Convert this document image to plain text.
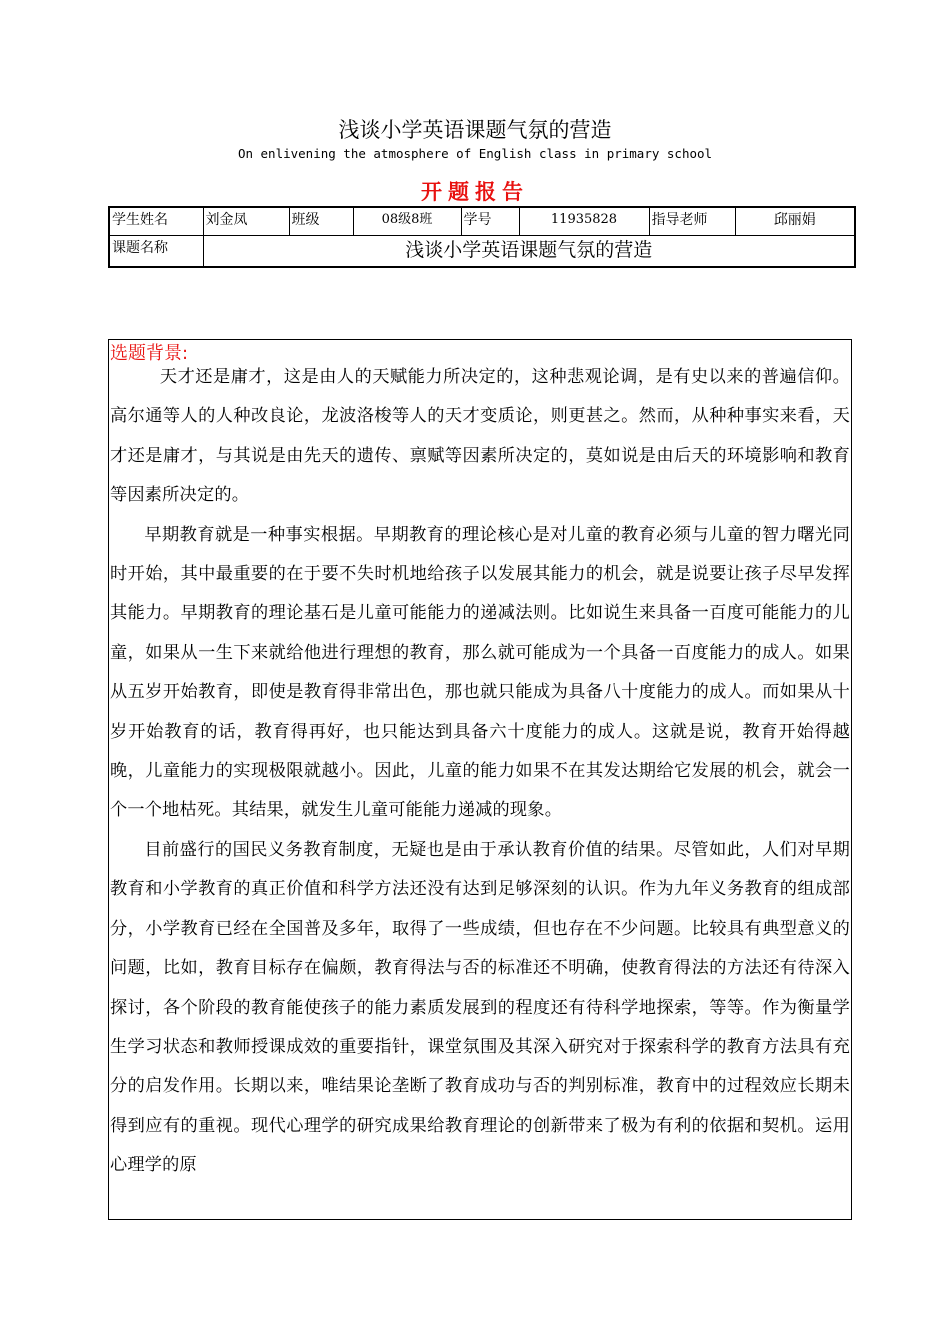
浅谈小学英语课题气氛的营造
On enlivening the atmosphere of English class in primary school
开题报告
学生姓名	刘金凤	班级	08级8班	学号	11935828	指导老师	邱丽娟
课题名称	浅谈小学英语课题气氛的营造						
选题背景:

天才还是庸才，这是由人的天赋能力所决定的，这种悲观论调，是有史以来的普遍信仰。高尔通等人的人种改良论，龙波洛梭等人的天才变质论，则更甚之。然而，从种种事实来看，天才还是庸才，与其说是由先天的遗传、禀赋等因素所决定的，莫如说是由后天的环境影响和教育等因素所决定的。

早期教育就是一种事实根据。早期教育的理论核心是对儿童的教育必须与儿童的智力曙光同时开始，其中最重要的在于要不失时机地给孩子以发展其能力的机会，就是说要让孩子尽早发挥其能力。早期教育的理论基石是儿童可能能力的递减法则。比如说生来具备一百度可能能力的儿童，如果从一生下来就给他进行理想的教育，那么就可能成为一个具备一百度能力的成人。如果从五岁开始教育，即使是教育得非常出色，那也就只能成为具备八十度能力的成人。而如果从十岁开始教育的话，教育得再好，也只能达到具备六十度能力的成人。这就是说，教育开始得越晚，儿童能力的实现极限就越小。因此，儿童的能力如果不在其发达期给它发展的机会，就会一个一个地枯死。其结果，就发生儿童可能能力递减的现象。

目前盛行的国民义务教育制度，无疑也是由于承认教育价值的结果。尽管如此，人们对早期教育和小学教育的真正价值和科学方法还没有达到足够深刻的认识。作为九年义务教育的组成部分，小学教育已经在全国普及多年，取得了一些成绩，但也存在不少问题。比较具有典型意义的问题，比如，教育目标存在偏颇，教育得法与否的标准还不明确，使教育得法的方法还有待深入探讨，各个阶段的教育能使孩子的能力素质发展到的程度还有待科学地探索，等等。作为衡量学生学习状态和教师授课成效的重要指针，课堂氛围及其深入研究对于探索科学的教育方法具有充分的启发作用。长期以来，唯结果论垄断了教育成功与否的判别标准，教育中的过程效应长期未得到应有的重视。现代心理学的研究成果给教育理论的创新带来了极为有利的依据和契机。运用心理学的原
